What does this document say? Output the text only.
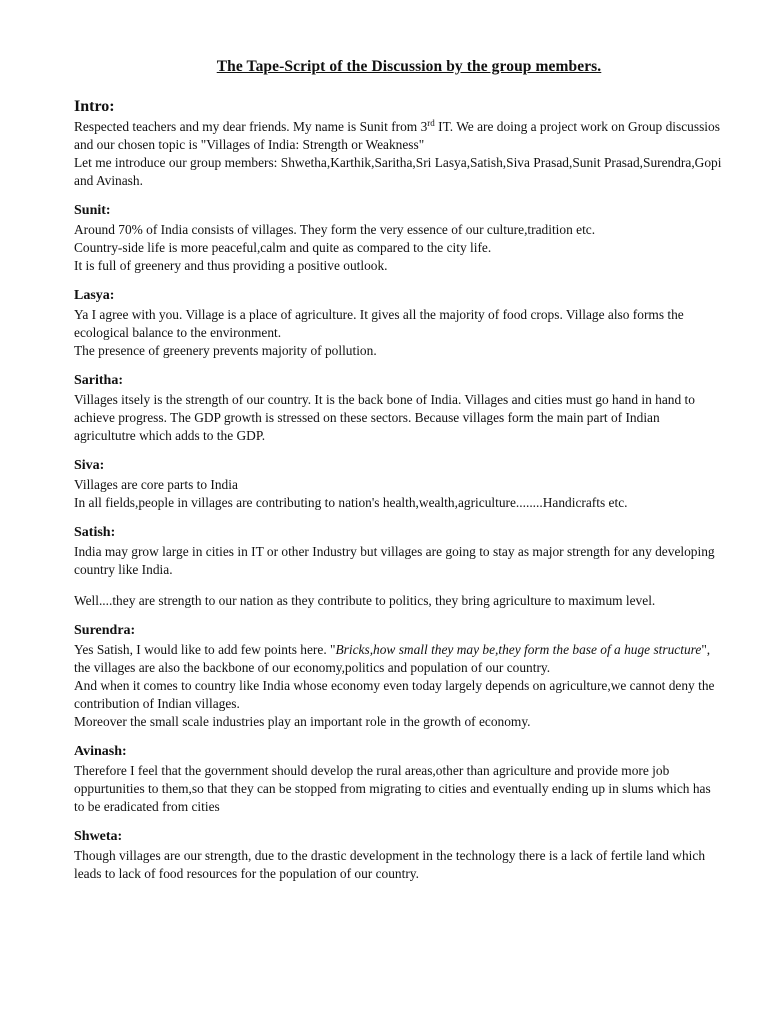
The Tape-Script of the Discussion by the group members.
Intro:

Respected teachers and my dear friends. My name is Sunit from 3rd IT. We are doing a project work on Group discussios and our chosen topic is "Villages of India: Strength or Weakness"

Let me introduce our group members: Shwetha,Karthik,Saritha,Sri Lasya,Satish,Siva Prasad,Sunit Prasad,Surendra,Gopi and Avinash.

Sunit:

Around 70% of India consists of villages. They form the very essence of our culture,tradition etc.

Country-side life is more peaceful,calm and quite as compared to the city life.

It is full of greenery and thus providing a positive outlook.

Lasya:

Ya I agree with you. Village is a place of agriculture. It gives all the majority of food crops. Village also forms the ecological balance to the environment.

The presence of greenery prevents majority of pollution.

Saritha:

Villages itsely is the strength of our country. It is the back bone of India. Villages and cities must go hand in hand to achieve progress. The GDP growth is stressed on these sectors. Because villages form the main part of Indian agricultutre which adds to the GDP.

Siva:

Villages are core parts to India

In all fields,people in villages are contributing to nation's health,wealth,agriculture........Handicrafts etc.

Satish:

India may grow large in cities in IT or other Industry but villages are going to stay as major strength for any developing country like India.

Well....they are strength to our nation as they contribute to politics, they bring agriculture to maximum level.

Surendra:

Yes Satish, I would like to add few points here. "Bricks,how small they may be,they form the base of a huge structure", the villages are also the backbone of our economy,politics and population of our country.

And when it comes to country like India whose economy even today largely depends on agriculture,we cannot deny the contribution of Indian villages.

Moreover the small scale industries play an important role in the growth of economy.

Avinash:

Therefore I feel that the government should develop the rural areas,other than agriculture and provide more job oppurtunities to them,so that they can be stopped from migrating to cities and eventually ending up in slums which has to be eradicated from cities

Shweta:

Though villages are our strength, due to the drastic development in the technology there is a lack of fertile land which leads to lack of food resources for the population of our country.
